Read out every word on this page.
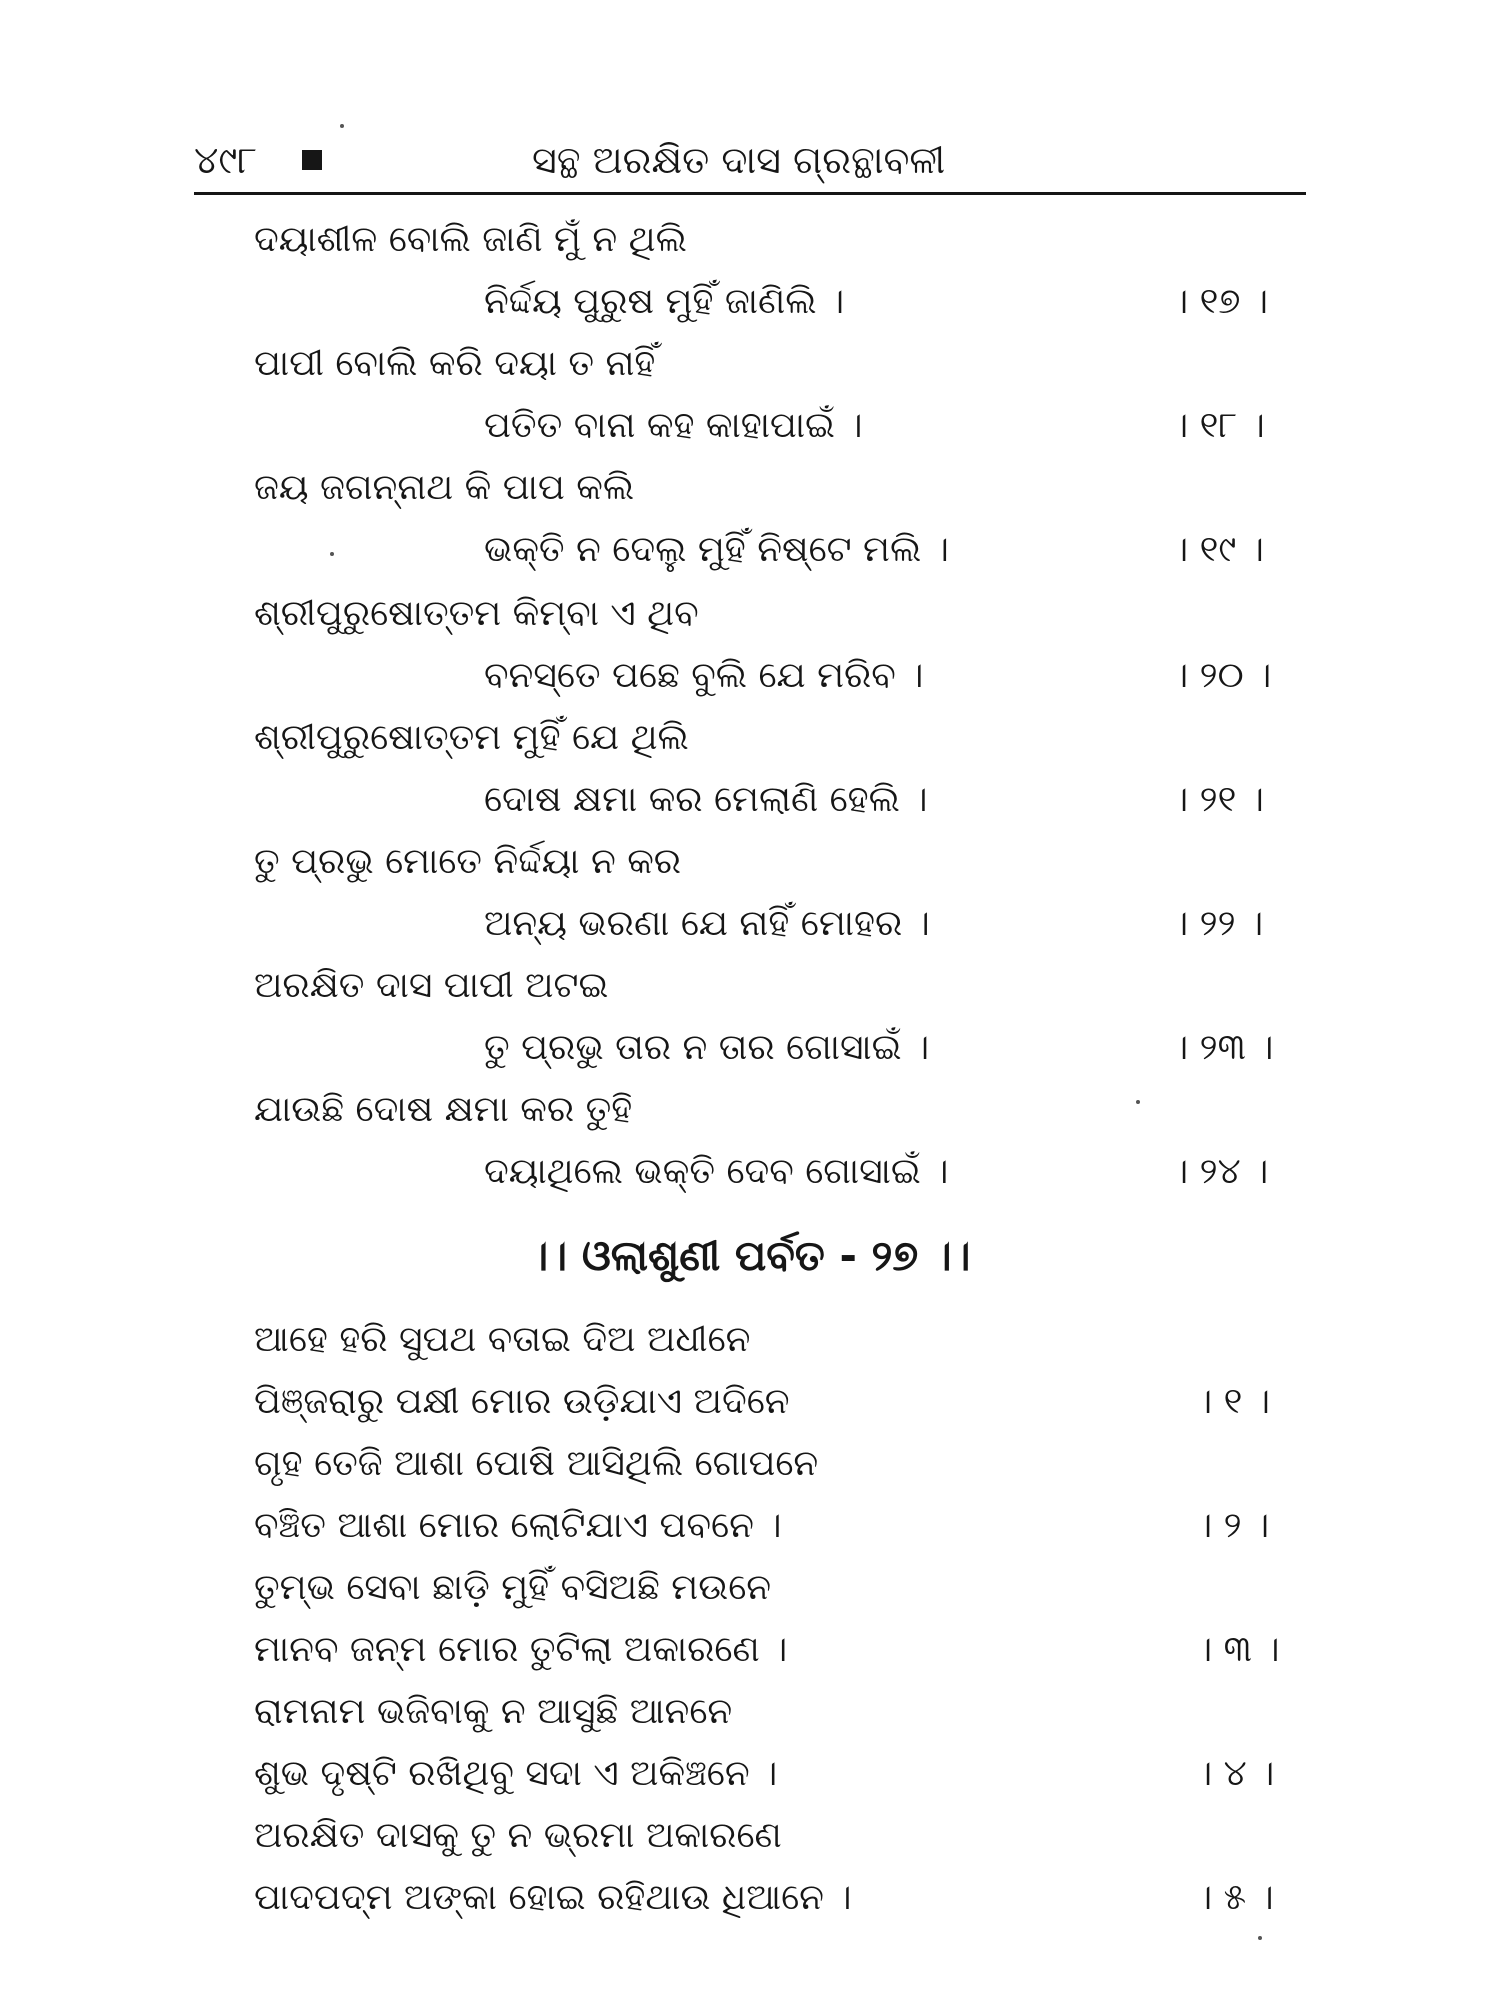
୪୯୮	ସନ୍ଥ ଅରକ୍ଷିତ ଦାସ ଗ୍ରନ୍ଥାବଳୀ
ଦୟାଶୀଳ ବୋଲି ଜାଣି ମୁଁ ନ ଥିଲି
ନିର୍ଦ୍ଦୟ ପୁରୁଷ ମୁହିଁ ଜାଣିଲି ।	। ୧୭ ।
ପାପୀ ବୋଲି କରି ଦୟା ତ ନାହିଁ
ପତିତ ବାନା କହ କାହାପାଇଁ ।	। ୧୮ ।
ଜୟ ଜଗନ୍ନାଥ କି ପାପ କଲି
ଭକ୍ତି ନ ଦେଲୁ ମୁହିଁ ନିଷ୍ଟେ ମଲି ।	। ୧୯ ।
ଶ୍ରୀପୁରୁଷୋତ୍ତମ କିମ୍ବା ଏ ଥିବ
ବନସ୍ତେ ପଛେ ବୁଲି ଯେ ମରିବ ।	। ୨୦ ।
ଶ୍ରୀପୁରୁଷୋତ୍ତମ ମୁହିଁ ଯେ ଥିଲି
ଦୋଷ କ୍ଷମା କର ମେଲାଣି ହେଲି ।	। ୨୧ ।
ତୁ ପ୍ରଭୁ ମୋତେ ନିର୍ଦ୍ଦୟା ନ କର
ଅନ୍ୟ ଭରଣା ଯେ ନାହିଁ ମୋହର ।	। ୨୨ ।
ଅରକ୍ଷିତ ଦାସ ପାପୀ ଅଟଇ
ତୁ ପ୍ରଭୁ ତାର ନ ତାର ଗୋସାଇଁ ।	। ୨୩ ।
ଯାଉଛି ଦୋଷ କ୍ଷମା କର ତୁହି
ଦୟାଥିଲେ ଭକ୍ତି ଦେବ ଗୋସାଇଁ ।	। ୨୪ ।
।। ଓଲାଶୁଣୀ ପର୍ବତ - ୨୭ ।।
ଆହେ ହରି ସୁପଥ ବତାଇ ଦିଅ ଅଧୀନେ
ପିଞ୍ଜରାରୁ ପକ୍ଷୀ ମୋର ଉଡ଼ିଯାଏ ଅଦିନେ	। ୧ ।
ଗୃହ ତେଜି ଆଶା ପୋଷି ଆସିଥିଲି ଗୋପନେ
ବଞ୍ଚିତ ଆଶା ମୋର ଲୋଟିଯାଏ ପବନେ ।	। ୨ ।
ତୁମ୍ଭ ସେବା ଛାଡ଼ି ମୁହିଁ ବସିଅଛି ମଉନେ
ମାନବ ଜନ୍ମ ମୋର ତୁଟିଲା ଅକାରଣେ ।	। ୩ ।
ରାମନାମ ଭଜିବାକୁ ନ ଆସୁଛି ଆନନେ
ଶୁଭ ଦୃଷ୍ଟି ରଖିଥିବୁ ସଦା ଏ ଅକିଞ୍ଚନେ ।	। ୪ ।
ଅରକ୍ଷିତ ଦାସକୁ ତୁ ନ ଭ୍ରମା ଅକାରଣେ
ପାଦପଦ୍ମ ଅଙ୍କା ହୋଇ ରହିଥାଉ ଧିଆନେ ।	। ୫ ।
